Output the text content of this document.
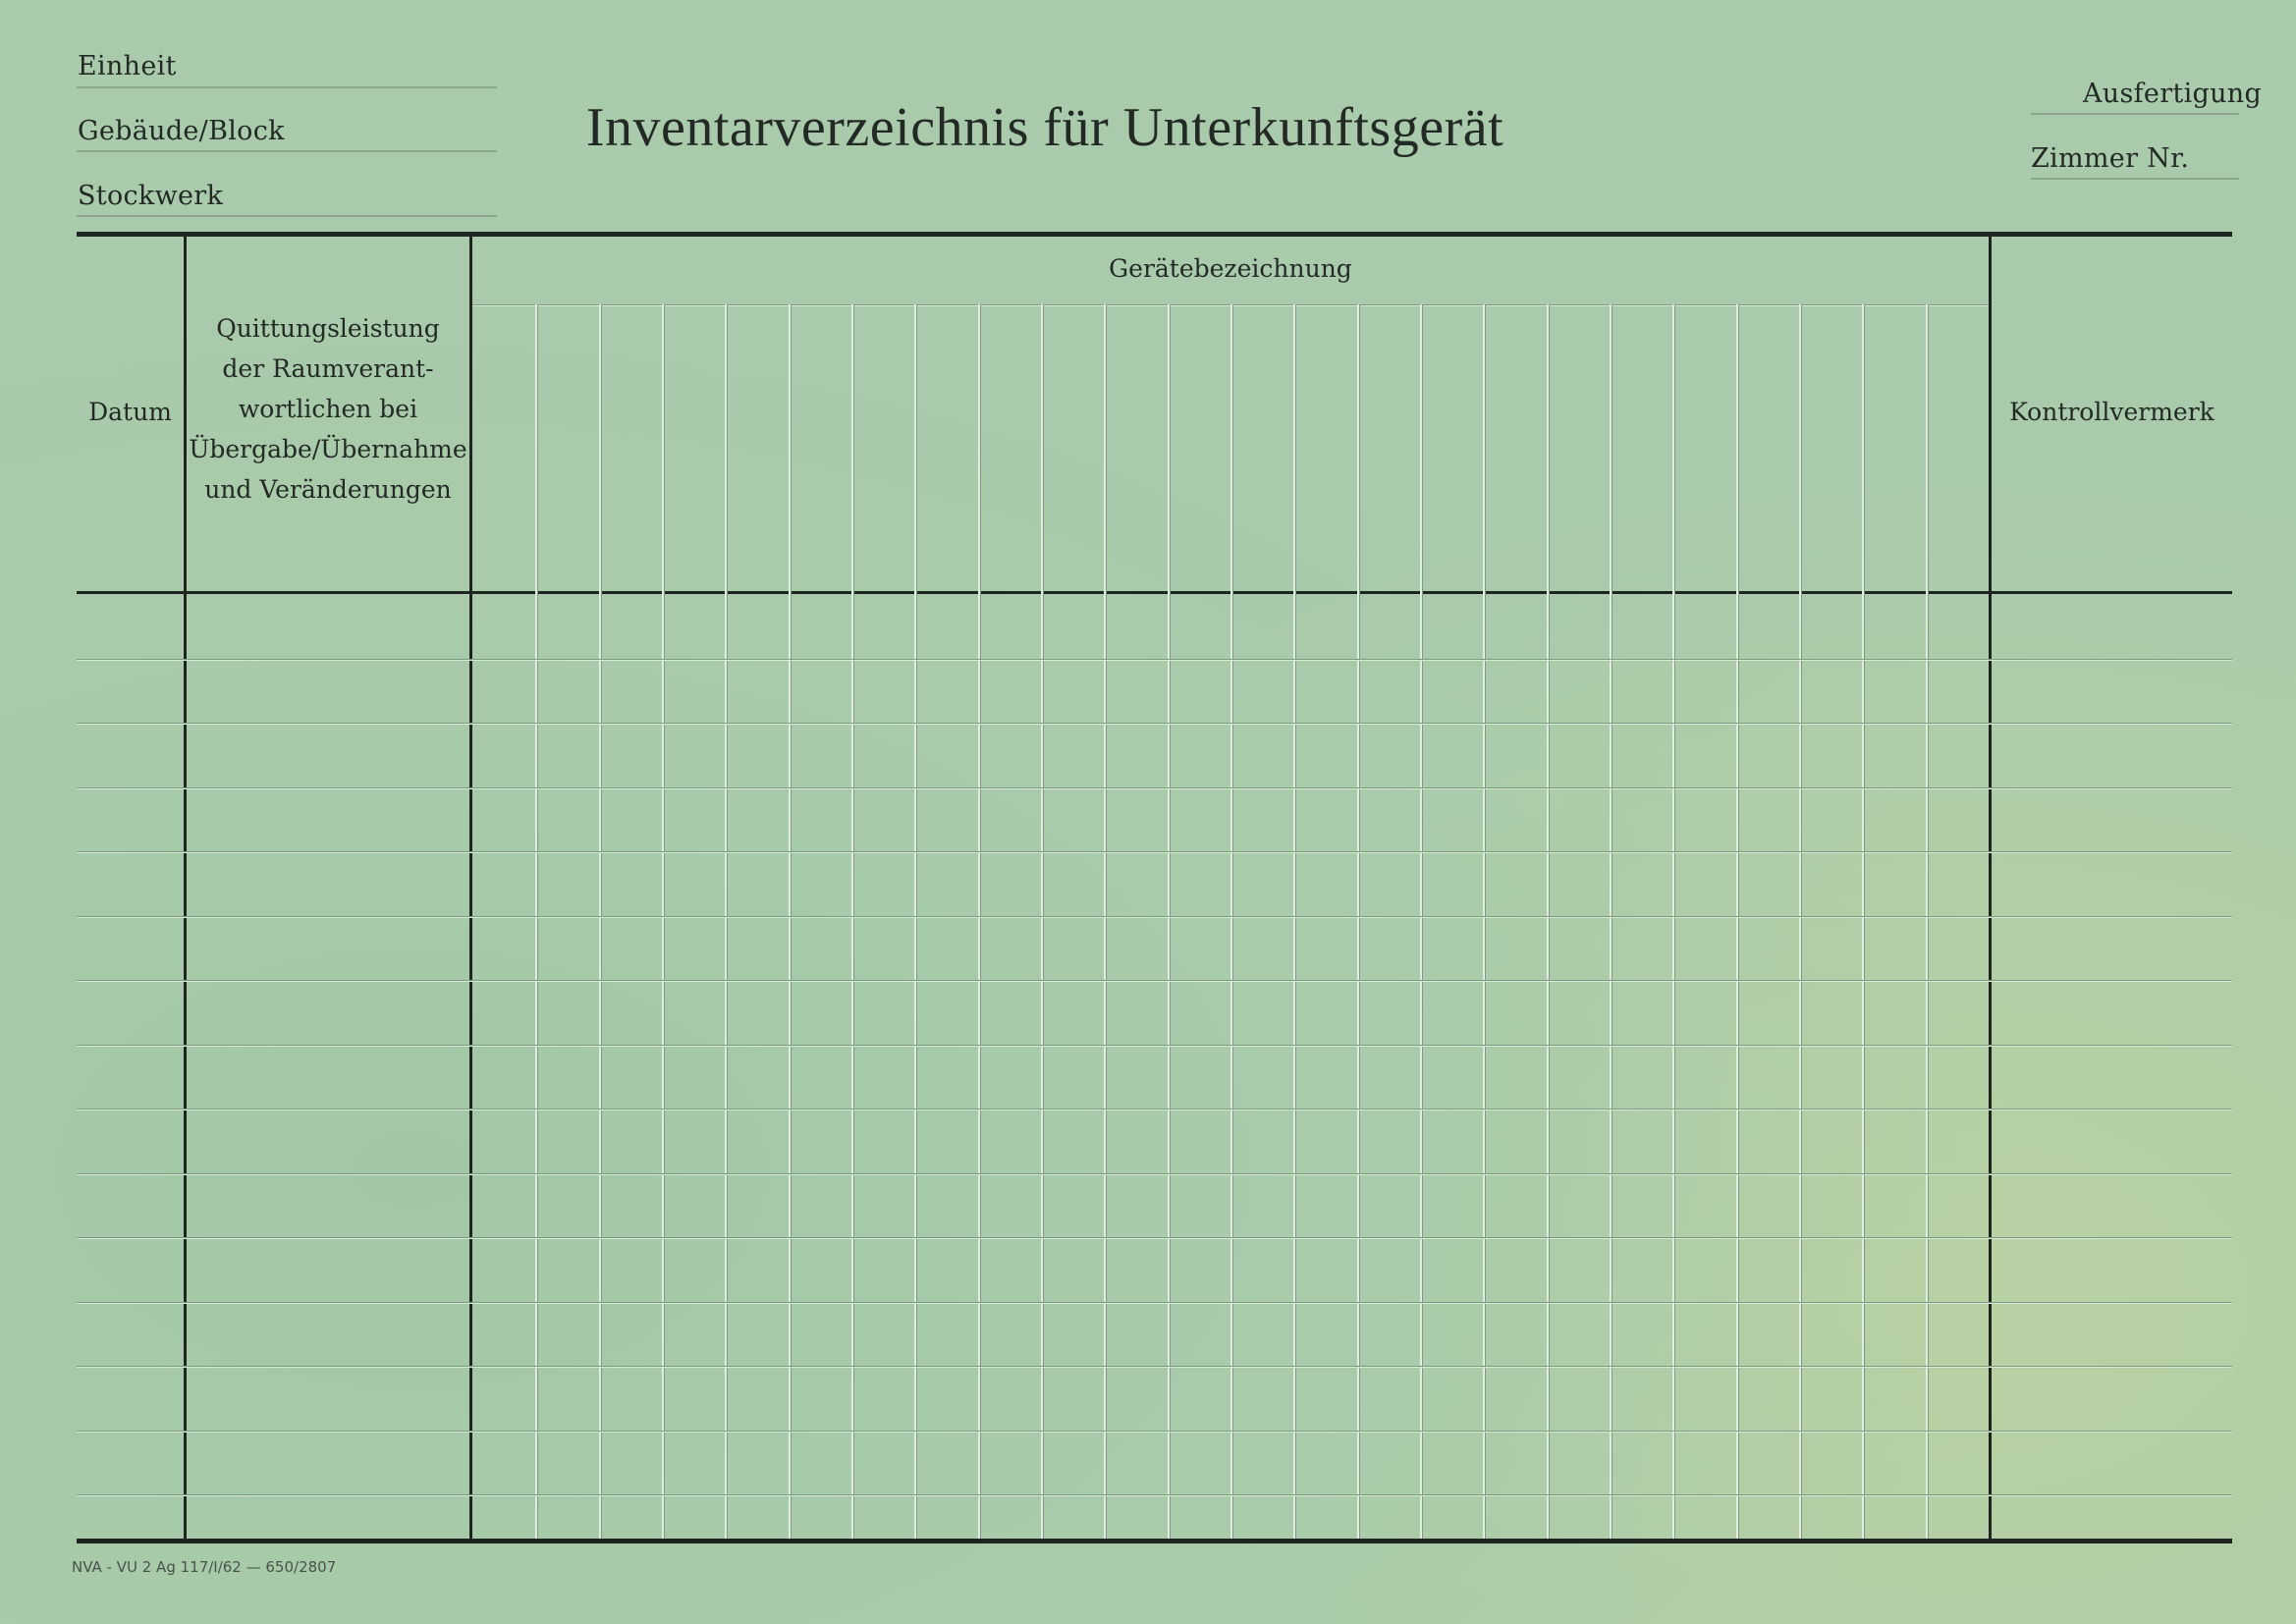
Einheit
Gebäude/Block
Stockwerk
Inventarverzeichnis für Unterkunftsgerät
Ausfertigung
Zimmer Nr.
Datum
Quittungsleistung
der Raumverant-
wortlichen bei
Übergabe/Übernahme
und Veränderungen
Gerätebezeichnung
Kontrollvermerk
NVA - VU 2 Ag 117/I/62 — 650/2807
